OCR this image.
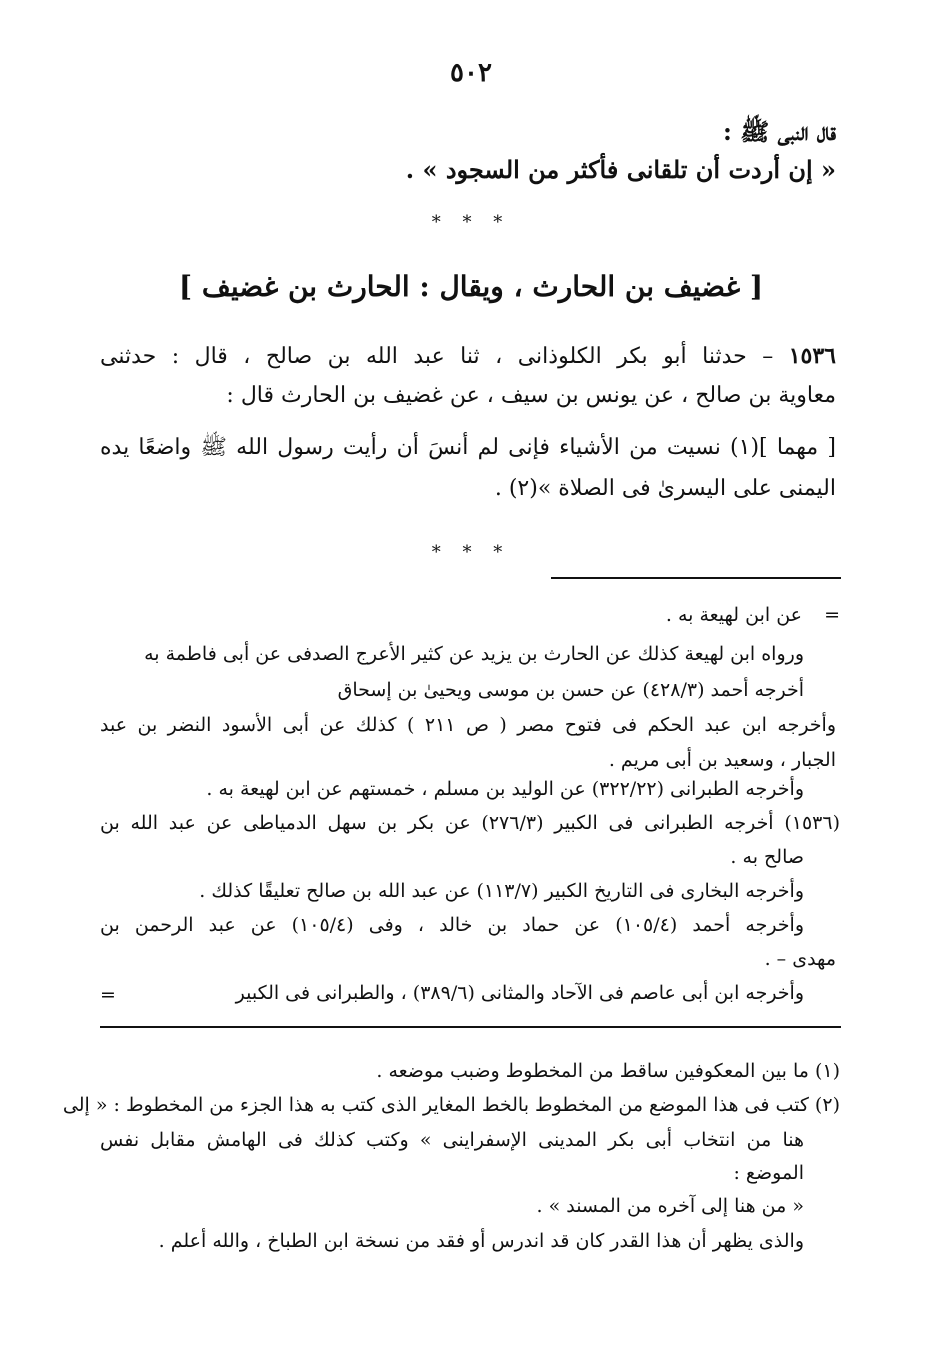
٥٠٢
قال النبى ﷺ :
« إن أردت أن تلقانى فأكثر من السجود » .
* * *
[ غضيف بن الحارث ، ويقال : الحارث بن غضيف ]
١٥٣٦ – حدثنا أبو بكر الكلوذانى ، ثنا عبد الله بن صالح ، قال : حدثنى
معاوية بن صالح ، عن يونس بن سيف ، عن غضيف بن الحارث قال :
[ مهما ](١) نسيت من الأشياء فإنى لم أنسَ أن رأيت رسول الله ﷺ واضعًا يده
اليمنى على اليسرىٰ فى الصلاة »(٢) .
* * *
=
عن ابن لهيعة به .
ورواه ابن لهيعة كذلك عن الحارث بن يزيد عن كثير الأعرج الصدفى عن أبى فاطمة به
أخرجه أحمد (٤٢٨/٣) عن حسن بن موسى ويحيىٰ بن إسحاق
وأخرجه ابن عبد الحكم فى فتوح مصر ( ص ٢١١ ) كذلك عن أبى الأسود النضر بن عبد
الجبار ، وسعيد بن أبى مريم .
وأخرجه الطبرانى (٣٢٢/٢٢) عن الوليد بن مسلم ، خمستهم عن ابن لهيعة به .
(١٥٣٦) أخرجه الطبرانى فى الكبير (٢٧٦/٣) عن بكر بن سهل الدمياطى عن عبد الله بن
صالح به .
وأخرجه البخارى فى التاريخ الكبير (١١٣/٧) عن عبد الله بن صالح تعليقًا كذلك .
وأخرجه أحمد (١٠٥/٤) عن حماد بن خالد ، وفى (١٠٥/٤) عن عبد الرحمن بن
مهدى – .
وأخرجه ابن أبى عاصم فى الآحاد والمثانى (٣٨٩/٦) ، والطبرانى فى الكبير
=
(١) ما بين المعكوفين ساقط من المخطوط وضبب موضعه .
(٢) كتب فى هذا الموضع من المخطوط بالخط المغاير الذى كتب به هذا الجزء من المخطوط : « إلى
هنا من انتخاب أبى بكر المدينى الإسفراينى » وكتب كذلك فى الهامش مقابل نفس
الموضع :
« من هنا إلى آخره من المسند » .
والذى يظهر أن هذا القدر كان قد اندرس أو فقد من نسخة ابن الطباخ ، والله أعلم .
